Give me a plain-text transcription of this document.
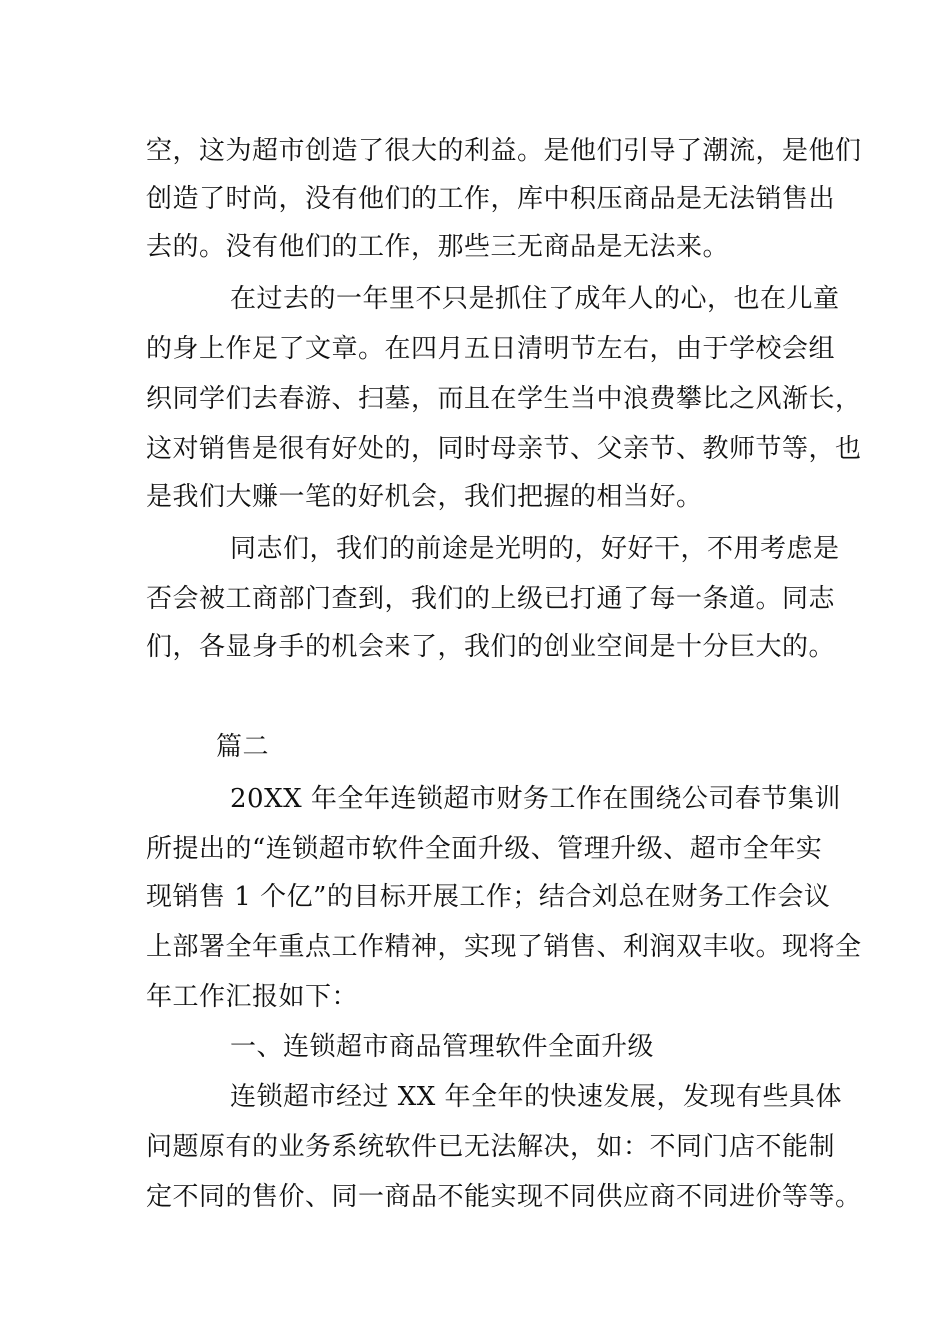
空，这为超市创造了很大的利益。是他们引导了潮流，是他们
创造了时尚，没有他们的工作，库中积压商品是无法销售出
去的。没有他们的工作，那些三无商品是无法来。
在过去的一年里不只是抓住了成年人的心，也在儿童
的身上作足了文章。在四月五日清明节左右，由于学校会组
织同学们去春游、扫墓，而且在学生当中浪费攀比之风渐长，
这对销售是很有好处的，同时母亲节、父亲节、教师节等，也
是我们大赚一笔的好机会，我们把握的相当好。
同志们，我们的前途是光明的，好好干，不用考虑是
否会被工商部门查到，我们的上级已打通了每一条道。同志
们，各显身手的机会来了，我们的创业空间是十分巨大的。
篇二
20XX 年全年连锁超市财务工作在围绕公司春节集训
所提出的“连锁超市软件全面升级、管理升级、超市全年实
现销售 1 个亿”的目标开展工作；结合刘总在财务工作会议
上部署全年重点工作精神，实现了销售、利润双丰收。现将全
年工作汇报如下：
一、连锁超市商品管理软件全面升级
连锁超市经过 XX 年全年的快速发展，发现有些具体
问题原有的业务系统软件已无法解决，如：不同门店不能制
定不同的售价、同一商品不能实现不同供应商不同进价等等。
